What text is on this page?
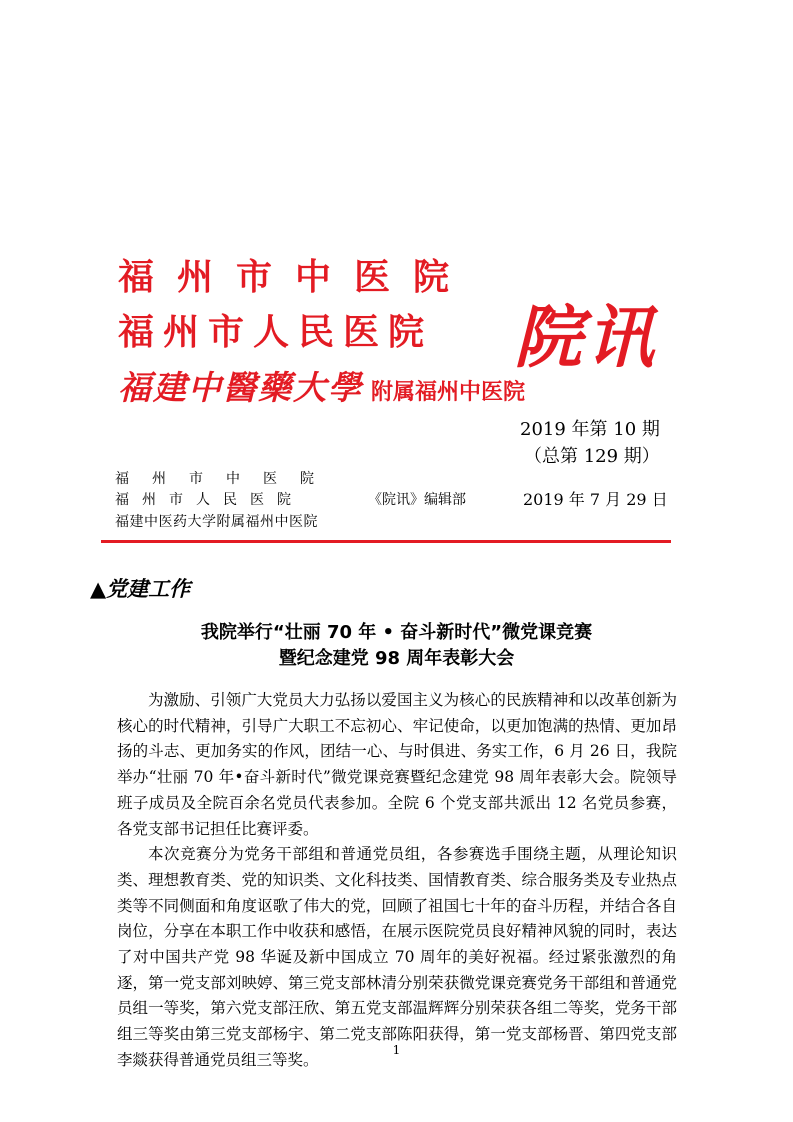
福州市中医院
福州市人民医院
福建中醫藥大學 附属福州中医院
院讯
2019 年第 10 期
（总第 129 期）
福州市中医院
福州市人民医院
福建中医药大学附属福州中医院
《院讯》编辑部	2019 年 7 月 29 日
▲党建工作
我院举行“壮丽 70 年 • 奋斗新时代”微党课竞赛
暨纪念建党 98 周年表彰大会

为激励、引领广大党员大力弘扬以爱国主义为核心的民族精神和以改革创新为核心的时代精神，引导广大职工不忘初心、牢记使命，以更加饱满的热情、更加昂扬的斗志、更加务实的作风，团结一心、与时俱进、务实工作，6 月 26 日，我院举办“壮丽 70 年•奋斗新时代”微党课竞赛暨纪念建党 98 周年表彰大会。院领导班子成员及全院百余名党员代表参加。全院 6 个党支部共派出 12 名党员参赛，各党支部书记担任比赛评委。

本次竞赛分为党务干部组和普通党员组，各参赛选手围绕主题，从理论知识类、理想教育类、党的知识类、文化科技类、国情教育类、综合服务类及专业热点类等不同侧面和角度讴歌了伟大的党，回顾了祖国七十年的奋斗历程，并结合各自岗位，分享在本职工作中收获和感悟，在展示医院党员良好精神风貌的同时，表达了对中国共产党 98 华诞及新中国成立 70 周年的美好祝福。经过紧张激烈的角逐，第一党支部刘映婷、第三党支部林清分别荣获微党课竞赛党务干部组和普通党员组一等奖，第六党支部汪欣、第五党支部温辉辉分别荣获各组二等奖，党务干部组三等奖由第三党支部杨宇、第二党支部陈阳获得，第一党支部杨晋、第四党支部李燚获得普通党员组三等奖。

1
